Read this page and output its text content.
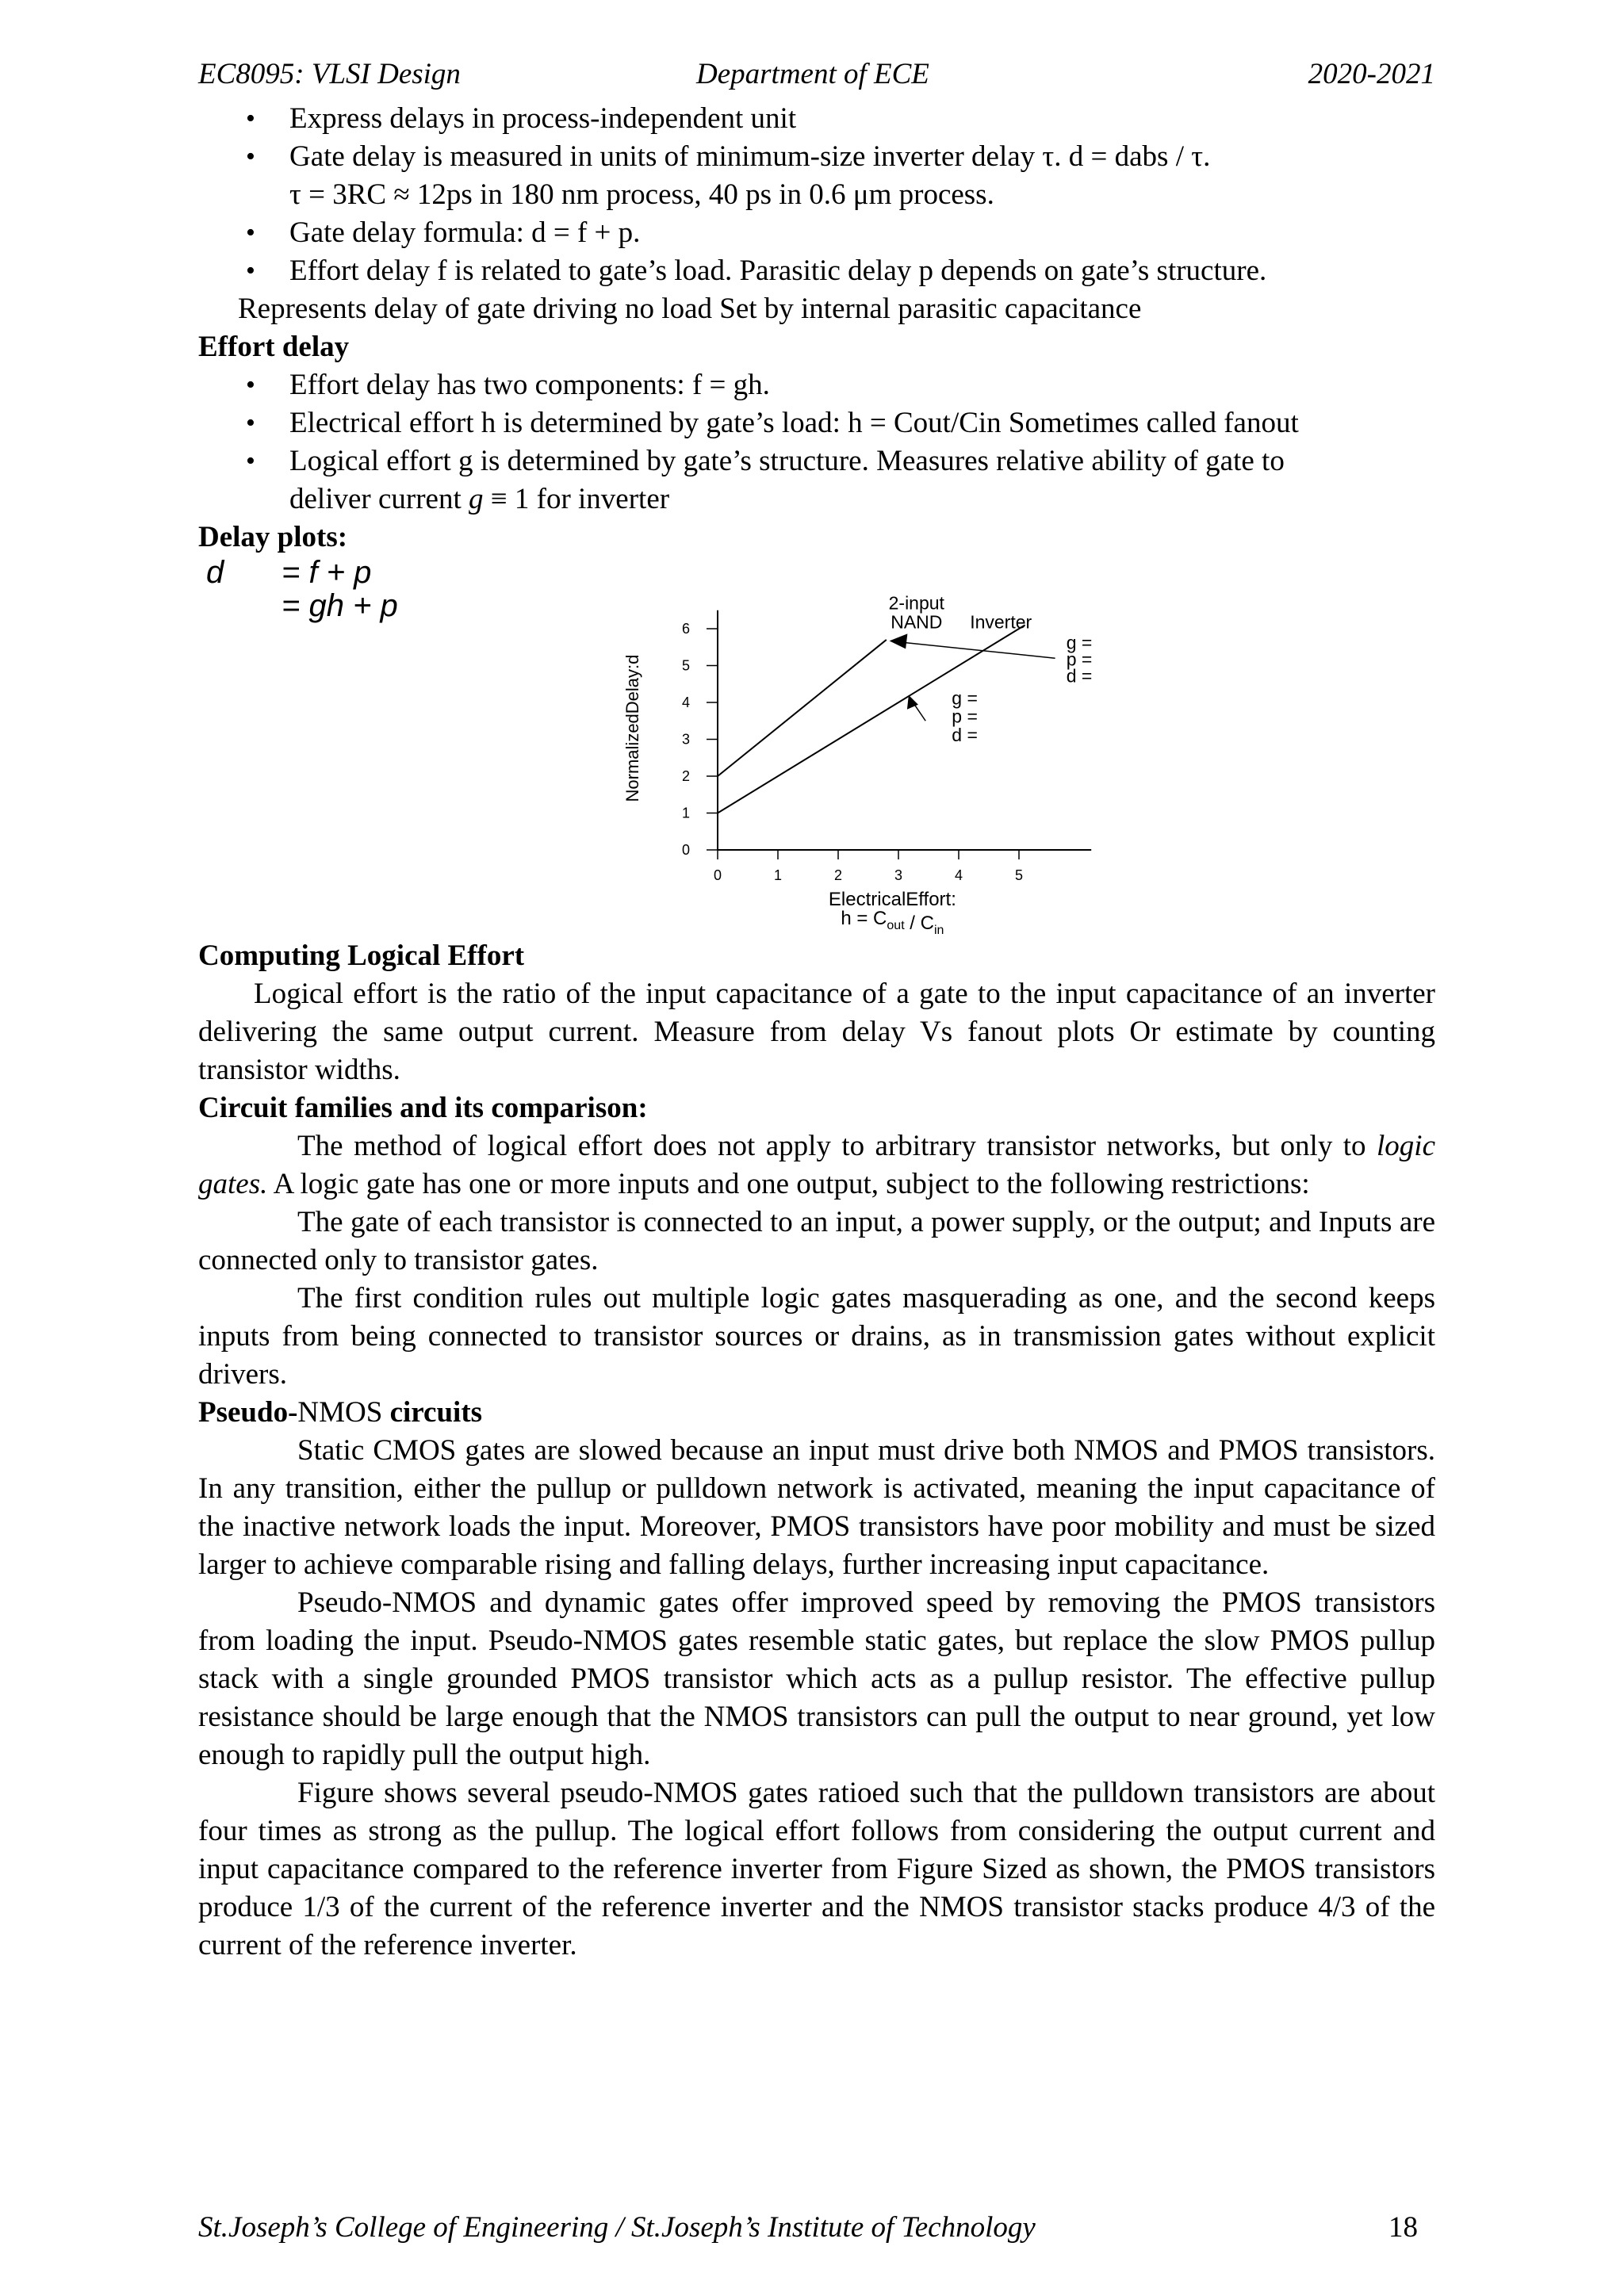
EC8095: VLSI Design	Department of ECE	2020-2021
• Express delays in process-independent unit
• Gate delay is measured in units of minimum-size inverter delay τ. d = dabs / τ.
τ = 3RC ≈ 12ps in 180 nm process, 40 ps in 0.6 μm process.
• Gate delay formula: d = f + p.
• Effort delay f is related to gate’s load. Parasitic delay p depends on gate’s structure.
Represents delay of gate driving no load Set by internal parasitic capacitance
Effort delay
• Effort delay has two components: f = gh.
• Electrical effort h is determined by gate’s load: h = Cout/Cin Sometimes called fanout
• Logical effort g is determined by gate’s structure. Measures relative ability of gate to
deliver current g ≡ 1 for inverter
Delay plots:
d = f + p
= gh + p
0
1
2
3
4
5
6
0	1	2	3	4	5
NormalizedDelay:d
ElectricalEffort:
$h = C_{out} / C_{in}$
2-input
NAND Inverter
g =
p =
d =
g =
p =
d =
Computing Logical Effort

Logical effort is the ratio of the input capacitance of a gate to the input capacitance of an inverter delivering the same output current. Measure from delay Vs fanout plots Or estimate by counting transistor widths.

Circuit families and its comparison:

The method of logical effort does not apply to arbitrary transistor networks, but only to logic gates. A logic gate has one or more inputs and one output, subject to the following restrictions:

The gate of each transistor is connected to an input, a power supply, or the output; and Inputs are connected only to transistor gates.

The first condition rules out multiple logic gates masquerading as one, and the second keeps inputs from being connected to transistor sources or drains, as in transmission gates without explicit drivers.

Pseudo-NMOS circuits

Static CMOS gates are slowed because an input must drive both NMOS and PMOS transistors. In any transition, either the pullup or pulldown network is activated, meaning the input capacitance of the inactive network loads the input. Moreover, PMOS transistors have poor mobility and must be sized larger to achieve comparable rising and falling delays, further increasing input capacitance.

Pseudo-NMOS and dynamic gates offer improved speed by removing the PMOS transistors from loading the input. Pseudo-NMOS gates resemble static gates, but replace the slow PMOS pullup stack with a single grounded PMOS transistor which acts as a pullup resistor. The effective pullup resistance should be large enough that the NMOS transistors can pull the output to near ground, yet low enough to rapidly pull the output high.

Figure shows several pseudo-NMOS gates ratioed such that the pulldown transistors are about four times as strong as the pullup. The logical effort follows from considering the output current and input capacitance compared to the reference inverter from Figure Sized as shown, the PMOS transistors produce 1/3 of the current of the reference inverter and the NMOS transistor stacks produce 4/3 of the current of the reference inverter.

St.Joseph’s College of Engineering / St.Joseph’s Institute of Technology	18
